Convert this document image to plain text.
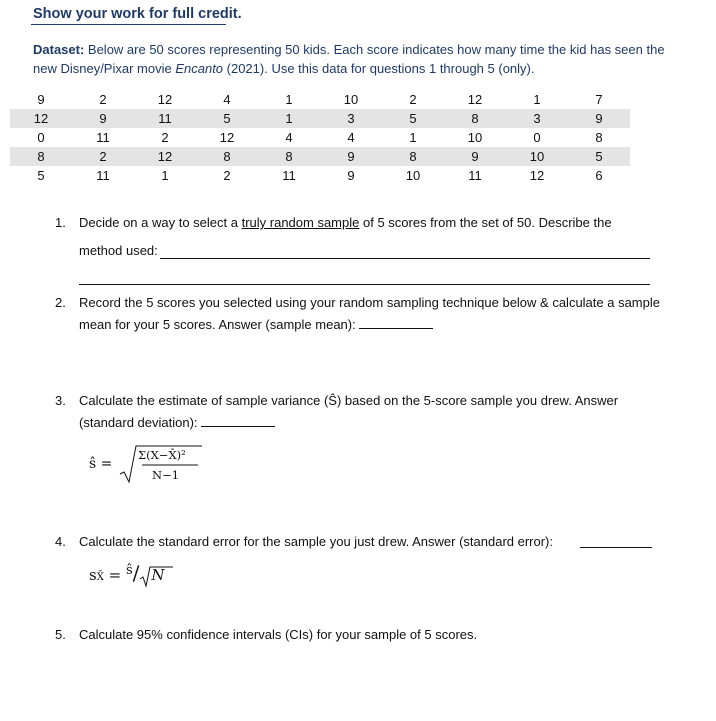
Show your work for full credit.
Dataset: Below are 50 scores representing 50 kids. Each score indicates how many time the kid has seen the new Disney/Pixar movie Encanto (2021). Use this data for questions 1 through 5 (only).
9	2	12	4	1	10	2	12	1	7
12	9	11	5	1	3	5	8	3	9
0	11	2	12	4	4	1	10	0	8
8	2	12	8	8	9	8	9	10	5
5	11	1	2	11	9	10	11	12	6
1. Decide on a way to select a truly random sample of 5 scores from the set of 50. Describe the
method used:
2. Record the 5 scores you selected using your random sampling technique below & calculate a sample mean for your 5 scores. Answer (sample mean):
3. Calculate the estimate of sample variance (Ŝ) based on the 5-score sample you drew. Answer (standard deviation):
ŝ =
Σ(X−X̄)²
N−1
4. Calculate the standard error for the sample you just drew. Answer (standard error):
sX̄ = ŝ/ N
5. Calculate 95% confidence intervals (CIs) for your sample of 5 scores.
